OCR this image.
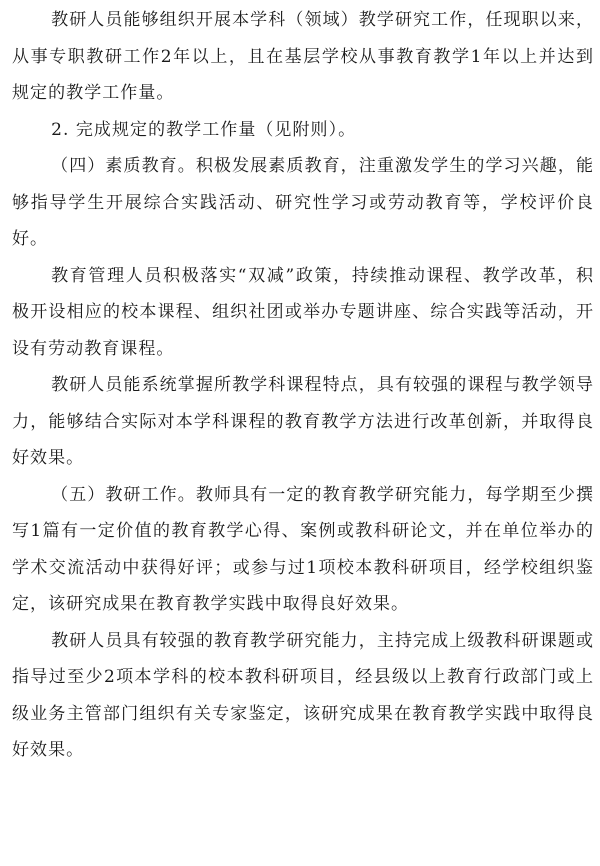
教研人员能够组织开展本学科（领域）教学研究工作，任现职以来，从事专职教研工作2年以上，且在基层学校从事教育教学1年以上并达到规定的教学工作量。

2. 完成规定的教学工作量（见附则）。

（四）素质教育。积极发展素质教育，注重激发学生的学习兴趣，能够指导学生开展综合实践活动、研究性学习或劳动教育等，学校评价良好。

教育管理人员积极落实“双减”政策，持续推动课程、教学改革，积极开设相应的校本课程、组织社团或举办专题讲座、综合实践等活动，开设有劳动教育课程。

教研人员能系统掌握所教学科课程特点，具有较强的课程与教学领导力，能够结合实际对本学科课程的教育教学方法进行改革创新，并取得良好效果。

（五）教研工作。教师具有一定的教育教学研究能力，每学期至少撰写1篇有一定价值的教育教学心得、案例或教科研论文，并在单位举办的学术交流活动中获得好评；或参与过1项校本教科研项目，经学校组织鉴定，该研究成果在教育教学实践中取得良好效果。

教研人员具有较强的教育教学研究能力，主持完成上级教科研课题或指导过至少2项本学科的校本教科研项目，经县级以上教育行政部门或上级业务主管部门组织有关专家鉴定，该研究成果在教育教学实践中取得良好效果。
